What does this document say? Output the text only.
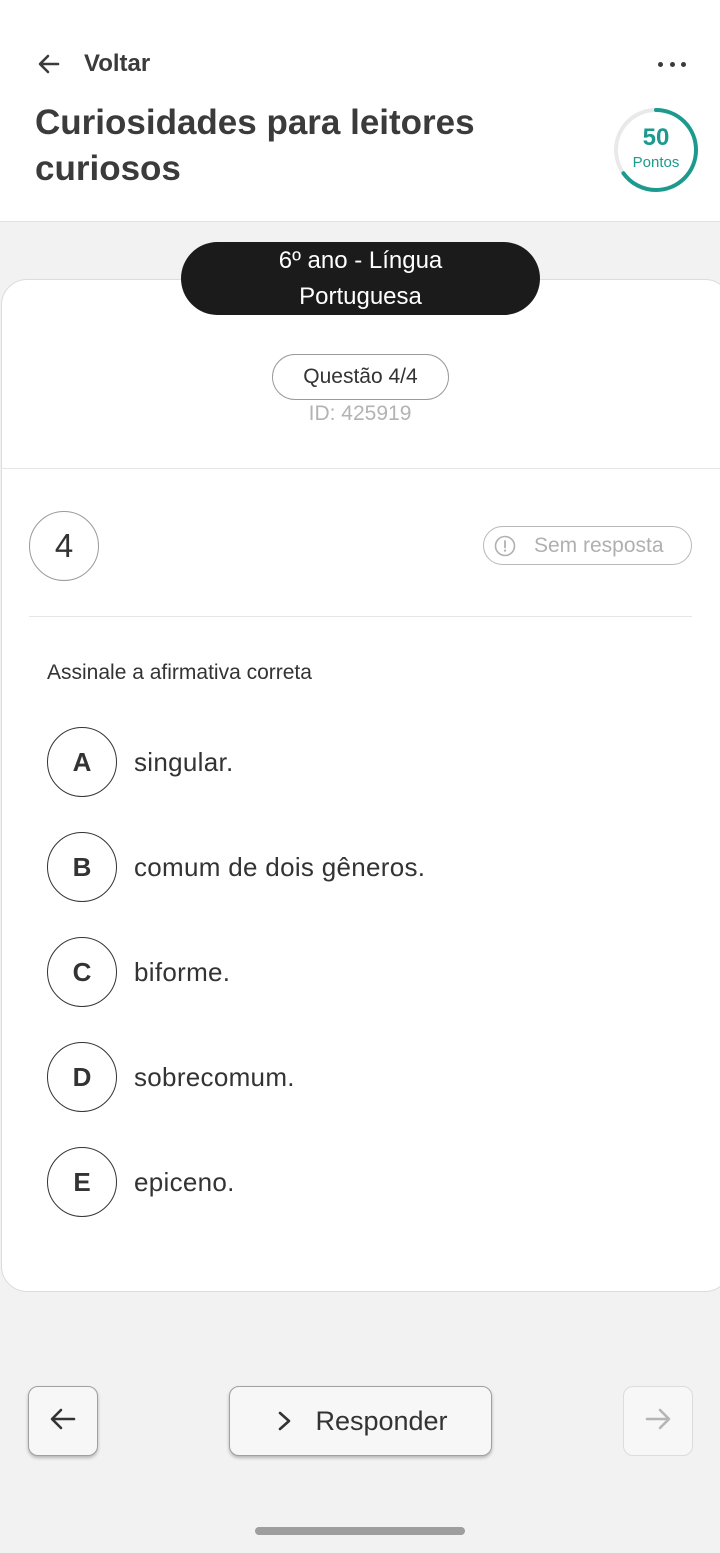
Voltar
Curiosidades para leitores curiosos
50
Pontos
6º ano - Língua Portuguesa
Questão 4/4
ID: 425919
4	Sem resposta
Assinale a afirmativa correta
A	singular.
B	comum de dois gêneros.
C	biforme.
D	sobrecomum.
E	epiceno.
Responder
